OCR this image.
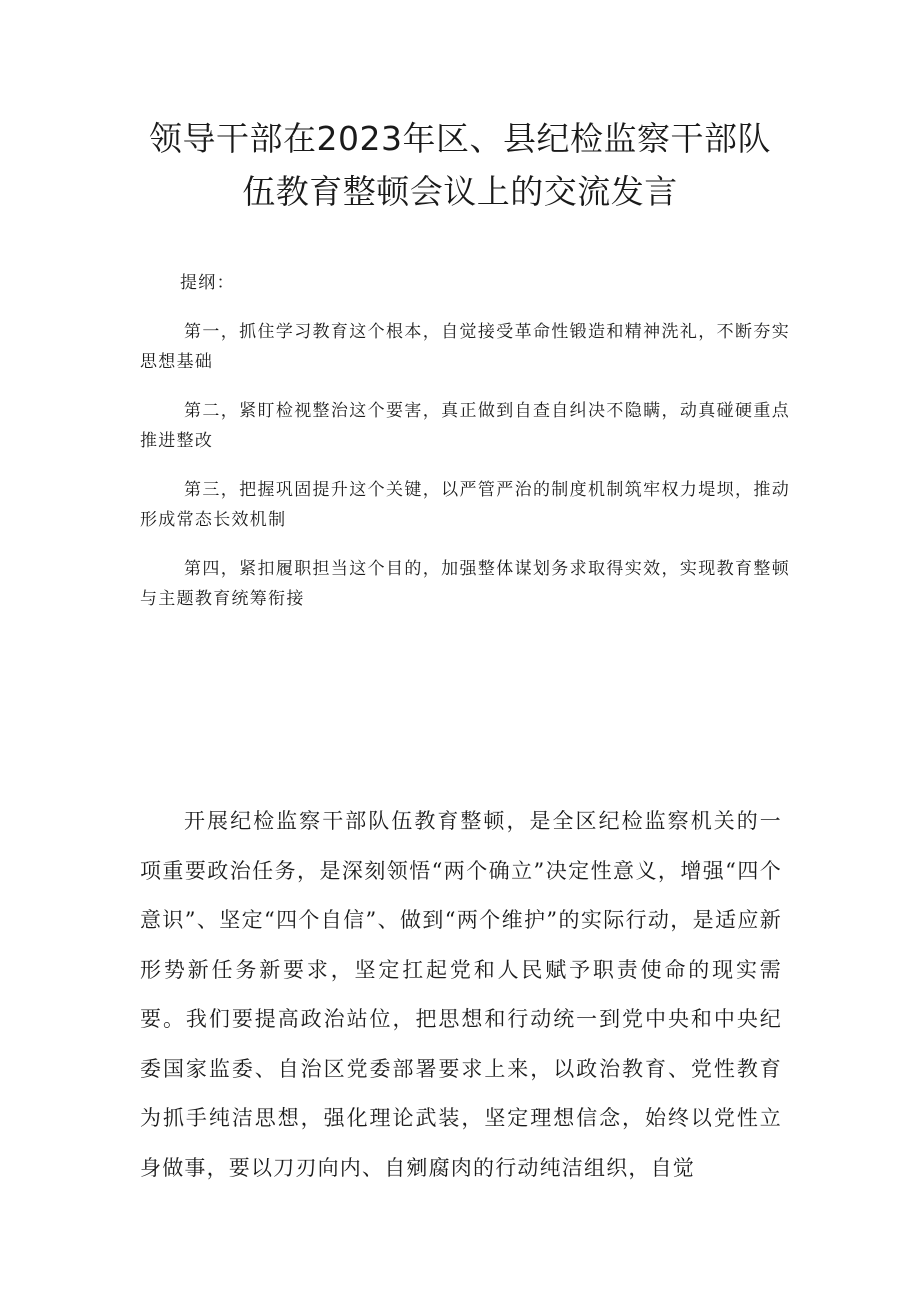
领导干部在2023年区、县纪检监察干部队
伍教育整顿会议上的交流发言

提纲：

第一，抓住学习教育这个根本，自觉接受革命性锻造和精神洗礼，不断夯实思想基础

第二，紧盯检视整治这个要害，真正做到自查自纠决不隐瞒，动真碰硬重点推进整改

第三，把握巩固提升这个关键，以严管严治的制度机制筑牢权力堤坝，推动形成常态长效机制

第四，紧扣履职担当这个目的，加强整体谋划务求取得实效，实现教育整顿与主题教育统筹衔接

开展纪检监察干部队伍教育整顿，是全区纪检监察机关的一项重要政治任务，是深刻领悟“两个确立”决定性意义，增强“四个意识”、坚定“四个自信”、做到“两个维护”的实际行动，是适应新形势新任务新要求，坚定扛起党和人民赋予职责使命的现实需要。我们要提高政治站位，把思想和行动统一到党中央和中央纪委国家监委、自治区党委部署要求上来，以政治教育、党性教育为抓手纯洁思想，强化理论武装，坚定理想信念，始终以党性立身做事，要以刀刃向内、自剜腐肉的行动纯洁组织，自觉
